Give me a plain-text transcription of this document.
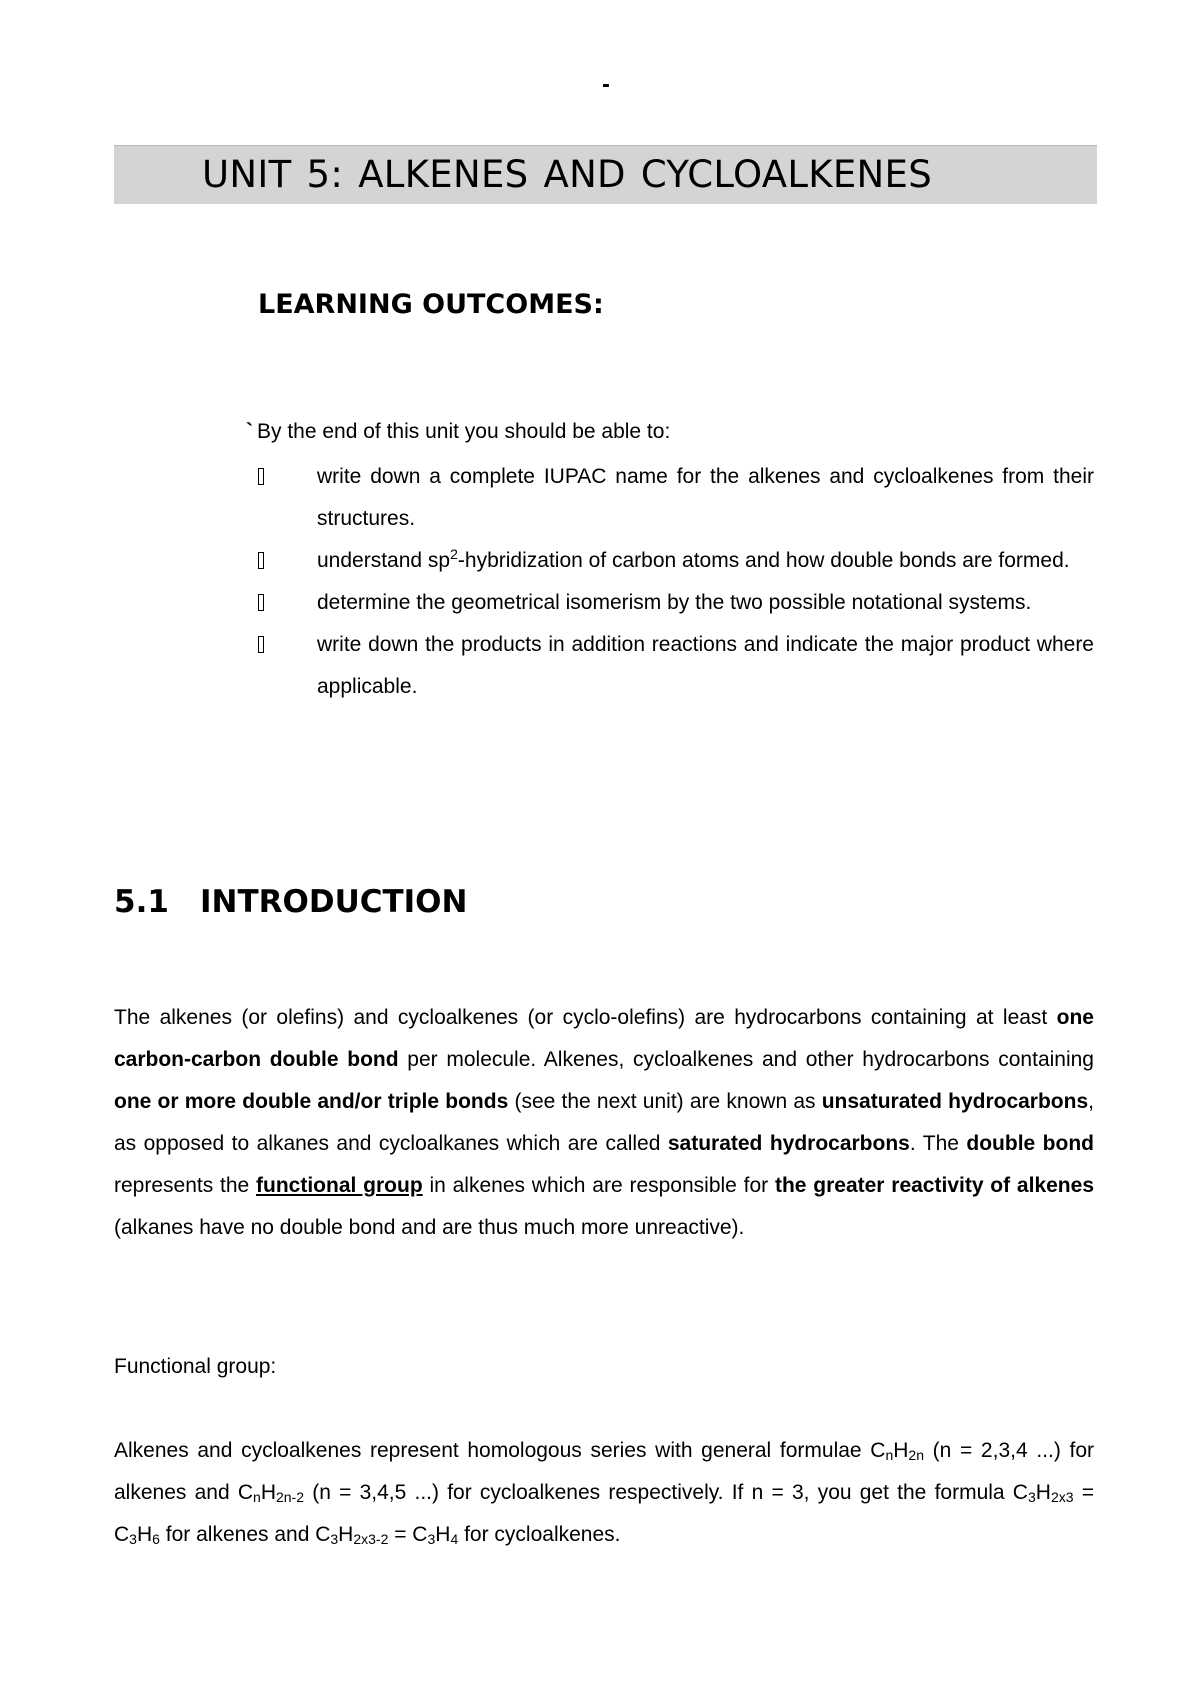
UNIT 5: ALKENES AND CYCLOALKENES
LEARNING OUTCOMES:
` By the end of this unit you should be able to:
write down a complete IUPAC name for the alkenes and cycloalkenes from their structures.
understand $sp^2$-hybridization of carbon atoms and how double bonds are formed.
determine the geometrical isomerism by the two possible notational systems.
write down the products in addition reactions and indicate the major product where applicable.
5.1 INTRODUCTION

The alkenes (or olefins) and cycloalkenes (or cyclo-olefins) are hydrocarbons containing at least one carbon-carbon double bond per molecule. Alkenes, cycloalkenes and other hydrocarbons containing one or more double and/or triple bonds (see the next unit) are known as unsaturated hydrocarbons, as opposed to alkanes and cycloalkanes which are called saturated hydrocarbons. The double bond represents the functional group in alkenes which are responsible for the greater reactivity of alkenes (alkanes have no double bond and are thus much more unreactive).

Functional group:

Alkenes and cycloalkenes represent homologous series with general formulae $C_nH_{2n}$ (n = 2,3,4 ...) for alkenes and $C_nH_{2n-2}$ (n = 3,4,5 ...) for cycloalkenes respectively. If n = 3, you get the formula $C_3H_{2x3} = C_3H_6$ for alkenes and $C_3H_{2x3-2} = C_3H_4$ for cycloalkenes.
